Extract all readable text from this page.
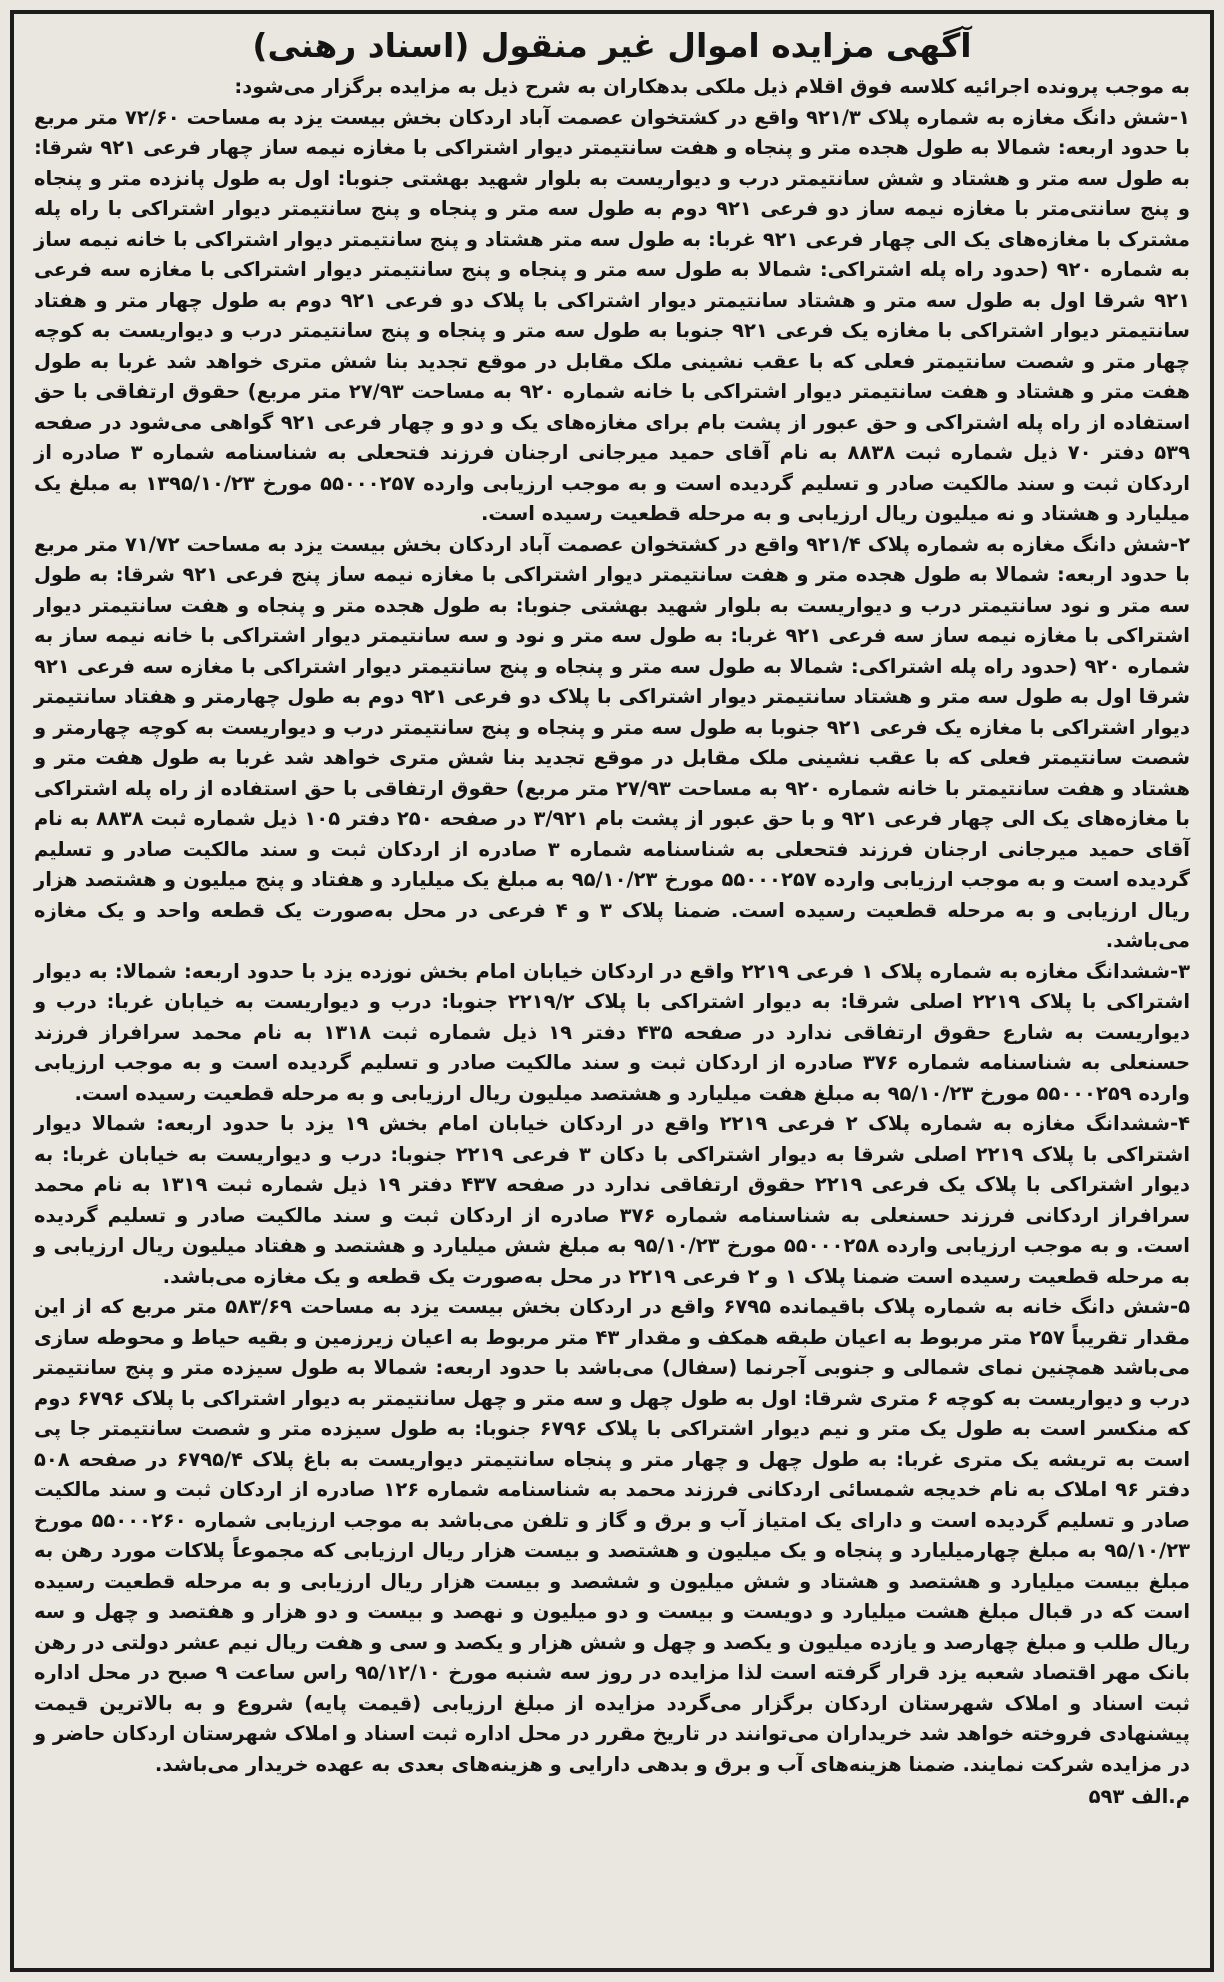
آگهی مزایده اموال غیر منقول (اسناد رهنی)

به موجب پرونده اجرائیه کلاسه فوق اقلام ذیل ملکی بدهکاران به شرح ذیل به مزایده برگزار می‌شود:

۱-شش دانگ مغازه به شماره پلاک ۹۲۱/۳ واقع در کشتخوان عصمت آباد اردکان بخش بیست یزد به مساحت ۷۲/۶۰ متر مربع با حدود اربعه: شمالا به طول هجده متر و پنجاه و هفت سانتیمتر دیوار اشتراکی با مغازه نیمه ساز چهار فرعی ۹۲۱ شرقا: به طول سه متر و هشتاد و شش سانتیمتر درب و دیواریست به بلوار شهید بهشتی جنوبا: اول به طول پانزده متر و پنجاه و پنج سانتی‌متر با مغازه نیمه ساز دو فرعی ۹۲۱ دوم به طول سه متر و پنجاه و پنج سانتیمتر دیوار اشتراکی با راه پله مشترک با مغازه‌های یک الی چهار فرعی ۹۲۱ غربا: به طول سه متر هشتاد و پنج سانتیمتر دیوار اشتراکی با خانه نیمه ساز به شماره ۹۲۰ (حدود راه پله اشتراکی: شمالا به طول سه متر و پنجاه و پنج سانتیمتر دیوار اشتراکی با مغازه سه فرعی ۹۲۱ شرقا اول به طول سه متر و هشتاد سانتیمتر دیوار اشتراکی با پلاک دو فرعی ۹۲۱ دوم به طول چهار متر و هفتاد سانتیمتر دیوار اشتراکی با مغازه یک فرعی ۹۲۱ جنوبا به طول سه متر و پنجاه و پنج سانتیمتر درب و دیواریست به کوچه چهار متر و شصت سانتیمتر فعلی که با عقب نشینی ملک مقابل در موقع تجدید بنا شش متری خواهد شد غربا به طول هفت متر و هشتاد و هفت سانتیمتر دیوار اشتراکی با خانه شماره ۹۲۰ به مساحت ۲۷/۹۳ متر مربع) حقوق ارتفاقی با حق استفاده از راه پله اشتراکی و حق عبور از پشت بام برای مغازه‌های یک و دو و چهار فرعی ۹۲۱ گواهی می‌شود در صفحه ۵۳۹ دفتر ۷۰ ذیل شماره ثبت ۸۸۳۸ به نام آقای حمید میرجانی ارجنان فرزند فتحعلی به شناسنامه شماره ۳ صادره از اردکان ثبت و سند مالکیت صادر و تسلیم گردیده است و به موجب ارزیابی وارده ۵۵۰۰۰۲۵۷ مورخ ۱۳۹۵/۱۰/۲۳ به مبلغ یک میلیارد و هشتاد و نه میلیون ریال ارزیابی و به مرحله قطعیت رسیده است.

۲-شش دانگ مغازه به شماره پلاک ۹۲۱/۴ واقع در کشتخوان عصمت آباد اردکان بخش بیست یزد به مساحت ۷۱/۷۲ متر مربع با حدود اربعه: شمالا به طول هجده متر و هفت سانتیمتر دیوار اشتراکی با مغازه نیمه ساز پنج فرعی ۹۲۱ شرقا: به طول سه متر و نود سانتیمتر درب و دیواریست به بلوار شهید بهشتی جنوبا: به طول هجده متر و پنجاه و هفت سانتیمتر دیوار اشتراکی با مغازه نیمه ساز سه فرعی ۹۲۱ غربا: به طول سه متر و نود و سه سانتیمتر دیوار اشتراکی با خانه نیمه ساز به شماره ۹۲۰ (حدود راه پله اشتراکی: شمالا به طول سه متر و پنجاه و پنج سانتیمتر دیوار اشتراکی با مغازه سه فرعی ۹۲۱ شرقا اول به طول سه متر و هشتاد سانتیمتر دیوار اشتراکی با پلاک دو فرعی ۹۲۱ دوم به طول چهارمتر و هفتاد سانتیمتر دیوار اشتراکی با مغازه یک فرعی ۹۲۱ جنوبا به طول سه متر و پنجاه و پنج سانتیمتر درب و دیواریست به کوچه چهارمتر و شصت سانتیمتر فعلی که با عقب نشینی ملک مقابل در موقع تجدید بنا شش متری خواهد شد غربا به طول هفت متر و هشتاد و هفت سانتیمتر با خانه شماره ۹۲۰ به مساحت ۲۷/۹۳ متر مربع) حقوق ارتفاقی با حق استفاده از راه پله اشتراکی با مغازه‌های یک الی چهار فرعی ۹۲۱ و با حق عبور از پشت بام ۳/۹۲۱ در صفحه ۲۵۰ دفتر ۱۰۵ ذیل شماره ثبت ۸۸۳۸ به نام آقای حمید میرجانی ارجنان فرزند فتحعلی به شناسنامه شماره ۳ صادره از اردکان ثبت و سند مالکیت صادر و تسلیم گردیده است و به موجب ارزیابی وارده ۵۵۰۰۰۲۵۷ مورخ ۹۵/۱۰/۲۳ به مبلغ یک میلیارد و هفتاد و پنج میلیون و هشتصد هزار ریال ارزیابی و به مرحله قطعیت رسیده است. ضمنا پلاک ۳ و ۴ فرعی در محل به‌صورت یک قطعه واحد و یک مغازه می‌باشد.

۳-ششدانگ مغازه به شماره پلاک ۱ فرعی ۲۲۱۹ واقع در اردکان خیابان امام بخش نوزده یزد با حدود اربعه: شمالا: به دیوار اشتراکی با پلاک ۲۲۱۹ اصلی شرقا: به دیوار اشتراکی با پلاک ۲۲۱۹/۲ جنوبا: درب و دیواریست به خیابان غربا: درب و دیواریست به شارع حقوق ارتفاقی ندارد در صفحه ۴۳۵ دفتر ۱۹ ذیل شماره ثبت ۱۳۱۸ به نام محمد سرافراز فرزند حسنعلی به شناسنامه شماره ۳۷۶ صادره از اردکان ثبت و سند مالکیت صادر و تسلیم گردیده است و به موجب ارزیابی وارده ۵۵۰۰۰۲۵۹ مورخ ۹۵/۱۰/۲۳ به مبلغ هفت میلیارد و هشتصد میلیون ریال ارزیابی و به مرحله قطعیت رسیده است.

۴-ششدانگ مغازه به شماره پلاک ۲ فرعی ۲۲۱۹ واقع در اردکان خیابان امام بخش ۱۹ یزد با حدود اربعه: شمالا دیوار اشتراکی با پلاک ۲۲۱۹ اصلی شرقا به دیوار اشتراکی با دکان ۳ فرعی ۲۲۱۹ جنوبا: درب و دیواریست به خیابان غربا: به دیوار اشتراکی با پلاک یک فرعی ۲۲۱۹ حقوق ارتفاقی ندارد در صفحه ۴۳۷ دفتر ۱۹ ذیل شماره ثبت ۱۳۱۹ به نام محمد سرافراز اردکانی فرزند حسنعلی به شناسنامه شماره ۳۷۶ صادره از اردکان ثبت و سند مالکیت صادر و تسلیم گردیده است. و به موجب ارزیابی وارده ۵۵۰۰۰۲۵۸ مورخ ۹۵/۱۰/۲۳ به مبلغ شش میلیارد و هشتصد و هفتاد میلیون ریال ارزیابی و به مرحله قطعیت رسیده است ضمنا پلاک ۱ و ۲ فرعی ۲۲۱۹ در محل به‌صورت یک قطعه و یک مغازه می‌باشد.

۵-شش دانگ خانه به شماره پلاک باقیمانده ۶۷۹۵ واقع در اردکان بخش بیست یزد به مساحت ۵۸۳/۶۹ متر مربع که از این مقدار تقریباً ۲۵۷ متر مربوط به اعیان طبقه همکف و مقدار ۴۳ متر مربوط به اعیان زیرزمین و بقیه حیاط و محوطه سازی می‌باشد همچنین نمای شمالی و جنوبی آجرنما (سفال) می‌باشد با حدود اربعه: شمالا به طول سیزده متر و پنج سانتیمتر درب و دیواریست به کوچه ۶ متری شرقا: اول به طول چهل و سه متر و چهل سانتیمتر به دیوار اشتراکی با پلاک ۶۷۹۶ دوم که منکسر است به طول یک متر و نیم دیوار اشتراکی با پلاک ۶۷۹۶ جنوبا: به طول سیزده متر و شصت سانتیمتر جا پی است به تریشه یک متری غربا: به طول چهل و چهار متر و پنجاه سانتیمتر دیواریست به باغ پلاک ۶۷۹۵/۴ در صفحه ۵۰۸ دفتر ۹۶ املاک به نام خدیجه شمسائی اردکانی فرزند محمد به شناسنامه شماره ۱۲۶ صادره از اردکان ثبت و سند مالکیت صادر و تسلیم گردیده است و دارای یک امتیاز آب و برق و گاز و تلفن می‌باشد به موجب ارزیابی شماره ۵۵۰۰۰۲۶۰ مورخ ۹۵/۱۰/۲۳ به مبلغ چهارمیلیارد و پنجاه و یک میلیون و هشتصد و بیست هزار ریال ارزیابی که مجموعاً پلاکات مورد رهن به مبلغ بیست میلیارد و هشتصد و هشتاد و شش میلیون و ششصد و بیست هزار ریال ارزیابی و به مرحله قطعیت رسیده است که در قبال مبلغ هشت میلیارد و دویست و بیست و دو میلیون و نهصد و بیست و دو هزار و هفتصد و چهل و سه ریال طلب و مبلغ چهارصد و یازده میلیون و یکصد و چهل و شش هزار و یکصد و سی و هفت ریال نیم عشر دولتی در رهن بانک مهر اقتصاد شعبه یزد قرار گرفته است لذا مزایده در روز سه شنبه مورخ ۹۵/۱۲/۱۰ راس ساعت ۹ صبح در محل اداره ثبت اسناد و املاک شهرستان اردکان برگزار می‌گردد مزایده از مبلغ ارزیابی (قیمت پایه) شروع و به بالاترین قیمت پیشنهادی فروخته خواهد شد خریداران می‌توانند در تاریخ مقرر در محل اداره ثبت اسناد و املاک شهرستان اردکان حاضر و در مزایده شرکت نمایند. ضمنا هزینه‌های آب و برق و بدهی دارایی و هزینه‌های بعدی به عهده خریدار می‌باشد.

م.الف ۵۹۳
